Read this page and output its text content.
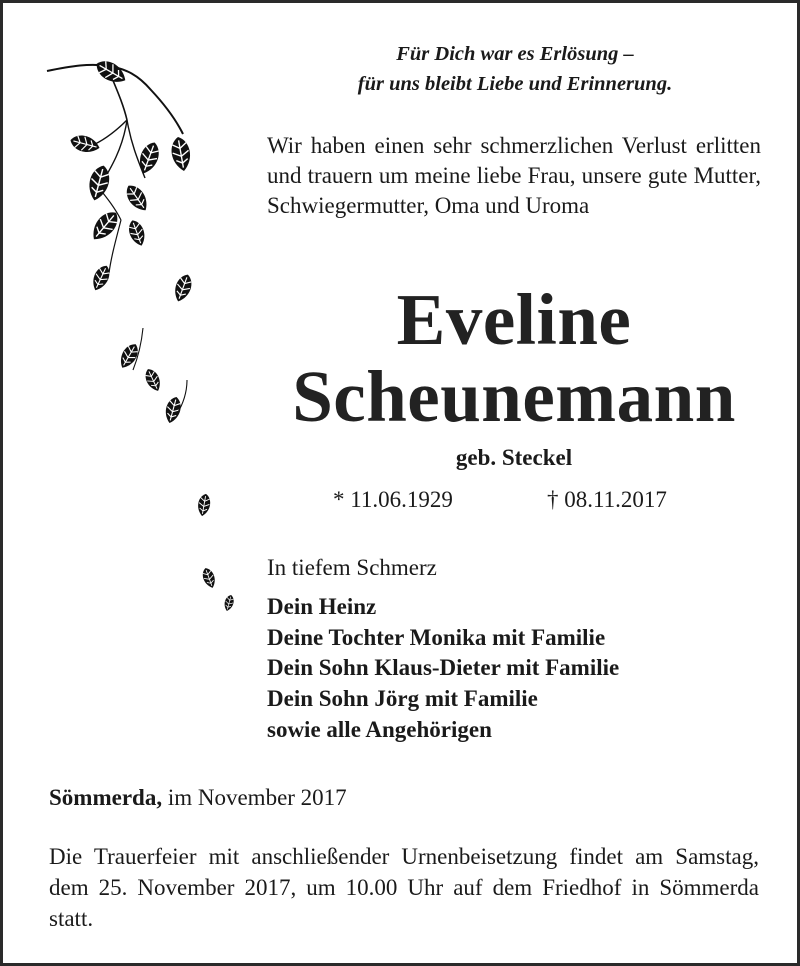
Für Dich war es Erlösung –
für uns bleibt Liebe und Erinnerung.
Wir haben einen sehr schmerzlichen Verlust erlitten und trauern um meine liebe Frau, unsere gute Mutter, Schwiegermutter, Oma und Uroma
Eveline
Scheunemann
geb. Steckel
* 11.06.1929	† 08.11.2017
In tiefem Schmerz
Dein Heinz
Deine Tochter Monika mit Familie
Dein Sohn Klaus-Dieter mit Familie
Dein Sohn Jörg mit Familie
sowie alle Angehörigen
Sömmerda, im November 2017
Die Trauerfeier mit anschließender Urnenbeisetzung findet am Samstag, dem 25. November 2017, um 10.00 Uhr auf dem Friedhof in Sömmerda statt.
